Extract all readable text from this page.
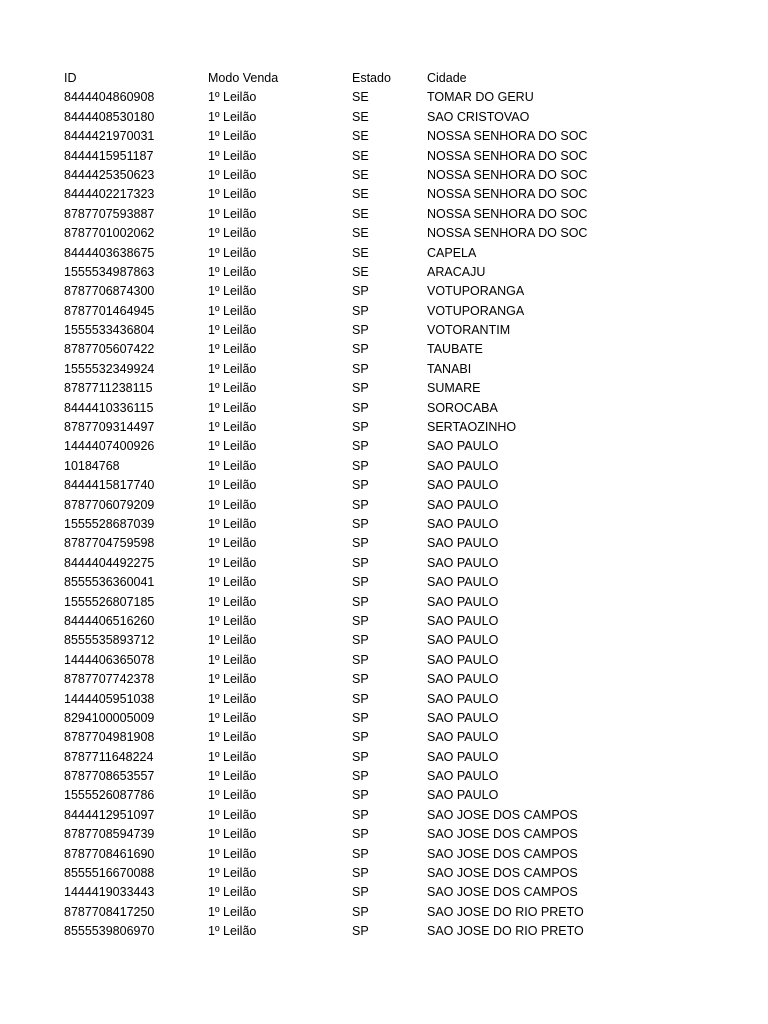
ID	Modo Venda	Estado	Cidade
8444404860908	1º Leilão	SE	TOMAR DO GERU
8444408530180	1º Leilão	SE	SAO CRISTOVAO
8444421970031	1º Leilão	SE	NOSSA SENHORA DO SOC
8444415951187	1º Leilão	SE	NOSSA SENHORA DO SOC
8444425350623	1º Leilão	SE	NOSSA SENHORA DO SOC
8444402217323	1º Leilão	SE	NOSSA SENHORA DO SOC
8787707593887	1º Leilão	SE	NOSSA SENHORA DO SOC
8787701002062	1º Leilão	SE	NOSSA SENHORA DO SOC
8444403638675	1º Leilão	SE	CAPELA
1555534987863	1º Leilão	SE	ARACAJU
8787706874300	1º Leilão	SP	VOTUPORANGA
8787701464945	1º Leilão	SP	VOTUPORANGA
1555533436804	1º Leilão	SP	VOTORANTIM
8787705607422	1º Leilão	SP	TAUBATE
1555532349924	1º Leilão	SP	TANABI
8787711238115	1º Leilão	SP	SUMARE
8444410336115	1º Leilão	SP	SOROCABA
8787709314497	1º Leilão	SP	SERTAOZINHO
1444407400926	1º Leilão	SP	SAO PAULO
10184768	1º Leilão	SP	SAO PAULO
8444415817740	1º Leilão	SP	SAO PAULO
8787706079209	1º Leilão	SP	SAO PAULO
1555528687039	1º Leilão	SP	SAO PAULO
8787704759598	1º Leilão	SP	SAO PAULO
8444404492275	1º Leilão	SP	SAO PAULO
8555536360041	1º Leilão	SP	SAO PAULO
1555526807185	1º Leilão	SP	SAO PAULO
8444406516260	1º Leilão	SP	SAO PAULO
8555535893712	1º Leilão	SP	SAO PAULO
1444406365078	1º Leilão	SP	SAO PAULO
8787707742378	1º Leilão	SP	SAO PAULO
1444405951038	1º Leilão	SP	SAO PAULO
8294100005009	1º Leilão	SP	SAO PAULO
8787704981908	1º Leilão	SP	SAO PAULO
8787711648224	1º Leilão	SP	SAO PAULO
8787708653557	1º Leilão	SP	SAO PAULO
1555526087786	1º Leilão	SP	SAO PAULO
8444412951097	1º Leilão	SP	SAO JOSE DOS CAMPOS
8787708594739	1º Leilão	SP	SAO JOSE DOS CAMPOS
8787708461690	1º Leilão	SP	SAO JOSE DOS CAMPOS
8555516670088	1º Leilão	SP	SAO JOSE DOS CAMPOS
1444419033443	1º Leilão	SP	SAO JOSE DOS CAMPOS
8787708417250	1º Leilão	SP	SAO JOSE DO RIO PRETO
8555539806970	1º Leilão	SP	SAO JOSE DO RIO PRETO
